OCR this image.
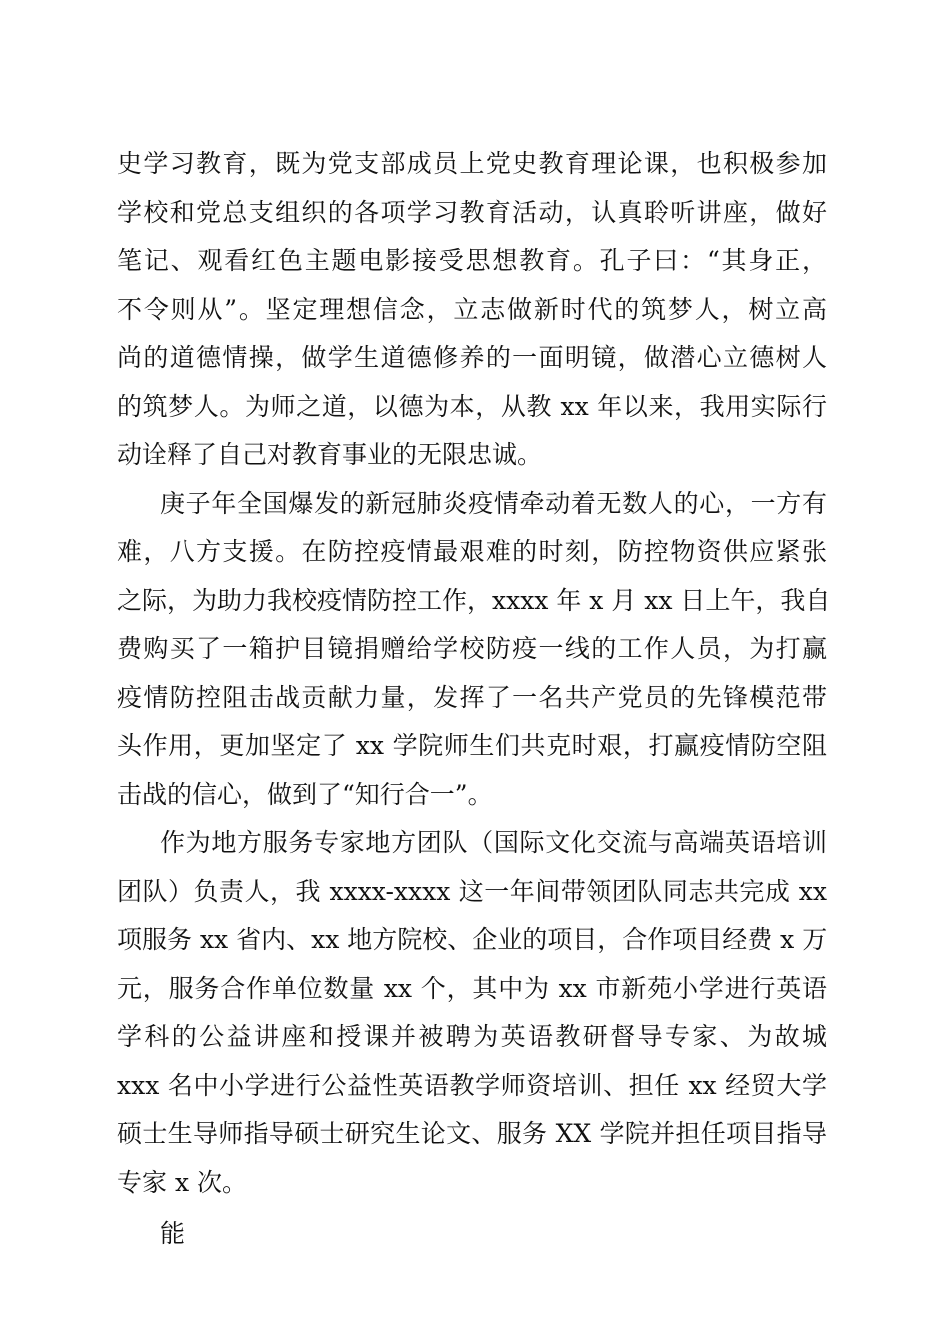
史学习教育，既为党支部成员上党史教育理论课，也积极参加
学校和党总支组织的各项学习教育活动，认真聆听讲座，做好
笔记、观看红色主题电影接受思想教育。孔子曰：“其身正，
不令则从”。坚定理想信念，立志做新时代的筑梦人，树立高
尚的道德情操，做学生道德修养的一面明镜，做潜心立德树人
的筑梦人。为师之道，以德为本，从教 xx 年以来，我用实际行
动诠释了自己对教育事业的无限忠诚。
庚子年全国爆发的新冠肺炎疫情牵动着无数人的心，一方有
难，八方支援。在防控疫情最艰难的时刻，防控物资供应紧张
之际，为助力我校疫情防控工作，xxxx 年 x 月 xx 日上午，我自
费购买了一箱护目镜捐赠给学校防疫一线的工作人员，为打赢
疫情防控阻击战贡献力量，发挥了一名共产党员的先锋模范带
头作用，更加坚定了 xx 学院师生们共克时艰，打赢疫情防空阻
击战的信心，做到了“知行合一”。
作为地方服务专家地方团队（国际文化交流与高端英语培训
团队）负责人，我 xxxx-xxxx 这一年间带领团队同志共完成 xx
项服务 xx 省内、xx 地方院校、企业的项目，合作项目经费 x 万
元，服务合作单位数量 xx 个，其中为 xx 市新苑小学进行英语
学科的公益讲座和授课并被聘为英语教研督导专家、为故城
xxx 名中小学进行公益性英语教学师资培训、担任 xx 经贸大学
硕士生导师指导硕士研究生论文、服务 XX 学院并担任项目指导
专家 x 次。
能
